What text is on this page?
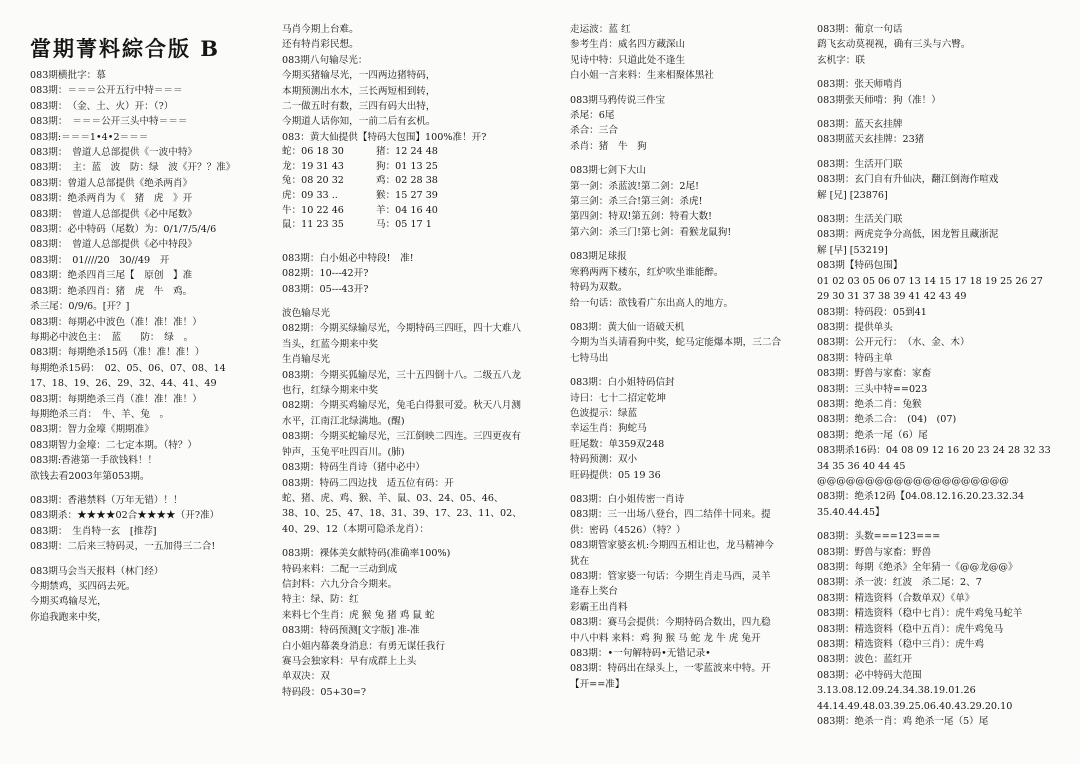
當期菁料綜合版 B
083期横批字：慕
083期：＝＝＝公开五行中特＝＝＝
083期：　（金、土、火）开：（?）
083期：　＝＝＝公开三头中特＝＝＝
083期:＝＝＝1•4•2＝＝＝
083期：　曾道人总部提供《一波中特》
083期：　主：蓝　波　防：绿　波《开？？准》
083期：曾道人总部提供《绝杀两肖》
083期：绝杀两肖为《　猪　虎　》开
083期：　曾道人总部提供《必中尾数》
083期：必中特码（尾数）为：0/1/7/5/4/6
083期：　曾道人总部提供《必中特段》
083期：　01////20　30//49　开
083期：绝杀四肖三尾【　原创　】准
083期：绝杀四肖：猪　虎　牛　鸡。
杀三尾：0/9/6。[开？]
083期：每期必中波色（准！准！准！）
每期必中波色主：　蓝　　防：　绿　。
083期：每期绝杀15码（准！准！准！）
每期绝杀15码：　02、05、06、07、08、14
17、18、19、26、29、32、44、41、49
083期：每期绝杀三肖（准！准！准！）
每期绝杀三肖：　牛、羊、兔　。
083期：智力金壕《期期准》
083期智力金壕：二七定本期。（特？）
083期:香港第一手欲钱料！！
欲钱去看2003年第053期。
083期：香港禁料（万年无错）！！
083期杀：★★★★02合★★★★（开?准）
083期：　生肖特一玄　[推荐]
083期：二后来三特码灵，一五加得三二合!
083期马会当天报料（林门经）
今期禁鸡，买四码去死。
今期买鸡输尽光，
你追我跑来中奖，
马肖今期上台难。
还有特肖彩民想。
083期八句输尽光：
今期买猪输尽光，一四两边猪特码，
本期预测出水木，三长两短相到转，
二一做五时有数，三四有码大出特，
今期道人话你知，一前二后有玄机。
083：黄大仙提供【特码大包围】100%准！开?
蛇：06 18 30	猪：12 24 48
龙：19 31 43	狗：01 13 25
兔：08 20 32	鸡：02 28 38
虎：09 33 ..	猴：15 27 39
牛：10 22 46	羊：04 16 40
鼠：11 23 35	马：05 17 1
083期：白小姐必中特段!　准!
082期：10---42开?
083期：05---43开?
波色输尽光
082期：今期买绿输尽光，今期特码三四旺，四十大难八
当头，红蓝今期来中奖
生肖输尽光
083期：今期买狐输尽光，三十五四倒十八。二级五八龙
也行，红绿今期来中奖
082期：今期买鸡输尽光，兔毛白得狠可爱。秋天八月测
水平，江南江北绿满地。(醒)
083期：今期买蛇输尽光，三江倒映二四连。三四更夜有
钟声，玉兔平吐四百川。(肺)
083期：特码生肖诗（猪中必中）
083期：特码二四边找　适五位有码：开
蛇、猪、虎、鸡、猴、羊、鼠、03、24、05、46、
38、10、25、47、18、31、39、17、23、11、02、
40、29、12（本期可隐杀龙肖）：
083期：裸体美女献特码(准确率100%)
特码来料：二配一三动到成
信封料：六九分合今期来。
特主：绿、防：红
来料七个生肖：虎 猴 兔 猪 鸡 鼠 蛇
083期：特码预测[文字版] 准-准
白小姐内幕袭身消息：有勇无谋任我行
赛马会独家料：早有成群上上头
单双决：双
特码段：05+30=?
走运波：蓝 红
参考生肖：威名四方藏深山
见诗中特：只道此处不逢生
白小姐一言来料：生来相聚体黑社
083期马鸦传说三件宝
杀尾：6尾
杀合：三合
杀肖：猪　牛　狗
083期七剑下大山
第一剑：杀蓝波!第二剑：2尾!
第三剑：杀三合!第三剑：杀虎!
第四剑：特双!第五剑：特看大数!
第六剑：杀三门!第七剑：看猴龙鼠狗!
083期足球报
寒鸦两两下楼东，红炉吹坐谁能醉。
特码为双数。
给一句话：欲钱看广东出高人的地方。
083期：黄大仙一语破天机
今期为当头请看狗中奖，蛇马定能爆本期，三二合
七特马出
083期：白小姐特码信封
诗曰：七十二招定乾坤
色波提示：绿蓝
幸运生肖：狗蛇马
旺尾数：单359双248
特码预测：双小
旺码提供：05 19 36
083期：白小姐传密一肖诗
083期：三一出场八登台，四二结伴十同来。提
供：密码（4526）（特？）
083期管家婆玄机:今期四五相让也，龙马精神今
犹在
083期：管家婆一句话：今期生肖走马西，灵羊
逢春上奖台
彩霸王出肖料
083期：赛马会提供：今期特码合数出，四九稳
中八中料 来料：鸡 狗 猴 马 蛇 龙 牛 虎 兔开
083期：•一句解特码•无错记录•
083期：特码出在绿头上，一零蓝波来中特。开
【开==准】
083期：葡京一句话
鹞飞玄动莫视视，确有三头与六臀。
玄机字：联
083期：张天师啃肖
083期张天师啃：狗（准！）
083期：蓝天玄挂牌
083期蓝天玄挂牌：23猪
083期：生活开门联
083期：玄门自有升仙决，翻江倒海作喧戏
解 [兄] [23876]
083期：生活关门联
083期：两虎竞争分高低，困龙暂且藏浙泥
解 [早] [53219]
083期【特码包围】
01 02 03 05 06 07 13 14 15 17 18 19 25 26 27
29 30 31 37 38 39 41 42 43 49
083期：特码段：05到41
083期：提供单头
083期：公开元行：　（水、金、木）
083期：特码主单
083期：野兽与家畜：家畜
083期：三头中特==023
083期：绝杀二肖：兔猴
083期：绝杀二合：　(04)　(07)
083期：绝杀一尾（6）尾
083期杀16码：04 08 09 12 16 20 23 24 28 32 33
34 35 36 40 44 45
@@@@@@@@@@@@@@@@@@@@
083期：绝杀12码【04.08.12.16.20.23.32.34
35.40.44.45】
083期：头数===123===
083期：野兽与家畜：野兽
083期：每期《绝杀》全年猜一《@@龙@@》
083期：杀一波：红波　杀二尾：2、7
083期：精选资料（合数单双）《单》
083期：精选资料（稳中七肖）：虎牛鸡兔马蛇羊
083期：精选资料（稳中五肖）：虎牛鸡兔马
083期：精选资料（稳中三肖）：虎牛鸡
083期：波色：蓝红开
083期：必中特码大范围
3.13.08.12.09.24.34.38.19.01.26
44.14.49.48.03.39.25.06.40.43.29.20.10
083期：绝杀一肖：鸡 绝杀一尾（5）尾
